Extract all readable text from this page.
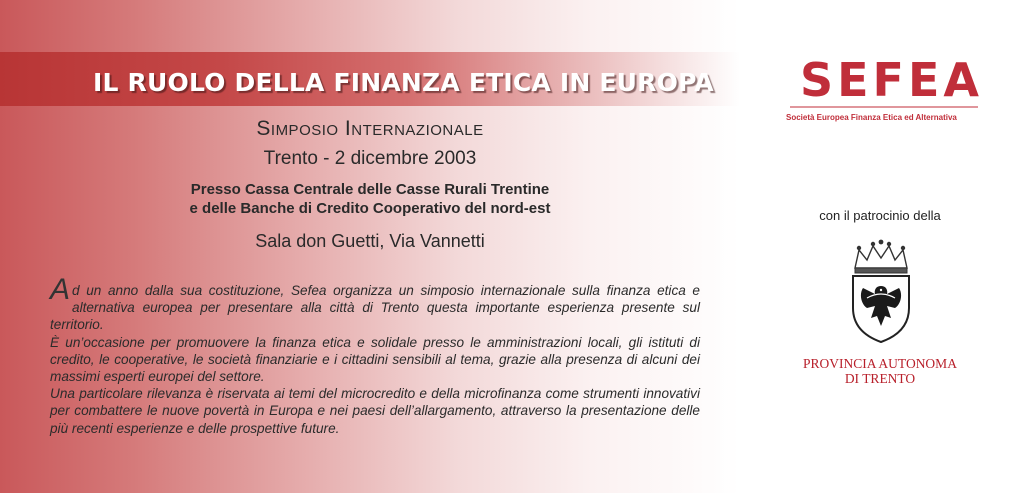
IL RUOLO DELLA FINANZA ETICA IN EUROPA
Simposio Internazionale
Trento - 2 dicembre 2003
Presso Cassa Centrale delle Casse Rurali Trentine
e delle Banche di Credito Cooperativo del nord-est
Sala don Guetti, Via Vannetti

Ad un anno dalla sua costituzione, Sefea organizza un simposio internazionale sulla finanza etica e alternativa europea per presentare alla città di Trento questa importante esperienza presente sul territorio.

È un’occasione per promuovere la finanza etica e solidale presso le amministrazioni locali, gli istituti di credito, le cooperative, le società finanziarie e i cittadini sensibili al tema, grazie alla presenza di alcuni dei massimi esperti europei del settore.

Una particolare rilevanza è riservata ai temi del microcredito e della microfinanza come strumenti innovativi per combattere le nuove povertà in Europa e nei paesi dell’allargamento, attraverso la presentazione delle più recenti esperienze e delle prospettive future.

SEFEA
Società Europea Finanza Etica ed Alternativa
con il patrocinio della
PROVINCIA AUTONOMA
DI TRENTO
